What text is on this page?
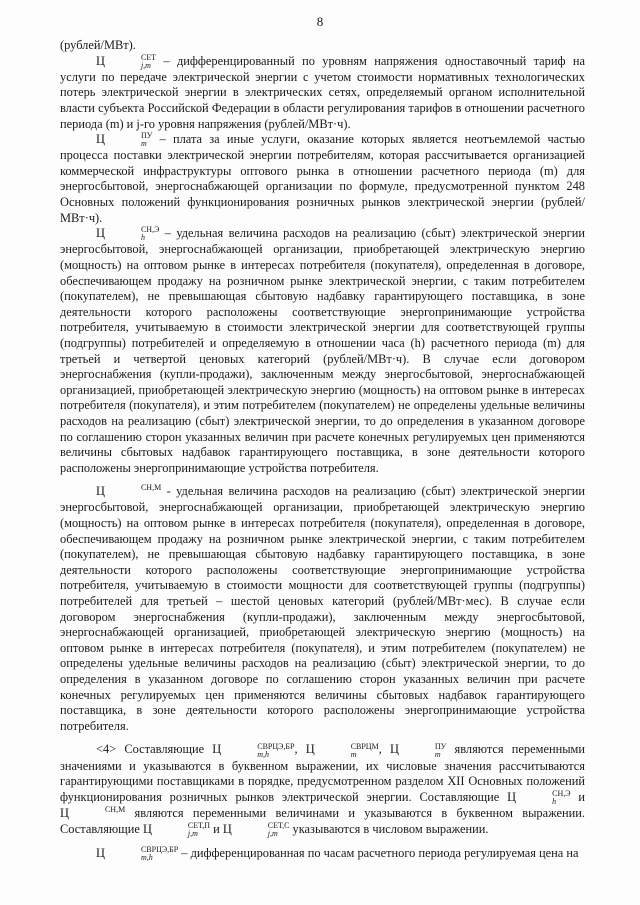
8

(рублей/МВт).

Ц	СЕТ
j,m – дифференцированный по уровням напряжения одноставочный тариф на услуги по передаче электрической энергии с учетом стоимости нормативных технологических потерь электрической энергии в электрических сетях, определяемый органом исполнительной власти субъекта Российской Федерации в области регулирования тарифов в отношении расчетного периода (m) и j-го уровня напряжения (рублей/МВт·ч).

Ц	ПУ
m – плата за иные услуги, оказание которых является неотъемлемой частью процесса поставки электрической энергии потребителям, которая рассчитывается организацией коммерческой инфраструктуры оптового рынка в отношении расчетного периода (m) для энергосбытовой, энергоснабжающей организации по формуле, предусмотренной пунктом 248 Основных положений функционирования розничных рынков электрической энергии (рублей/МВт·ч).

Ц	СН,Э
h	– удельная величина расходов на реализацию (сбыт) электрической энергии энергосбытовой, энергоснабжающей организации, приобретающей электрическую энергию (мощность) на оптовом рынке в интересах потребителя (покупателя), определенная в договоре, обеспечивающем продажу на розничном рынке электрической энергии, с таким потребителем (покупателем), не превышающая сбытовую надбавку гарантирующего поставщика, в зоне деятельности которого расположены соответствующие энергопринимающие устройства потребителя, учитываемую в стоимости электрической энергии для соответствующей группы (подгруппы) потребителей и определяемую в отношении часа (h) расчетного периода (m) для третьей и четвертой ценовых категорий (рублей/МВт·ч). В случае если договором энергоснабжения (купли-продажи), заключенным между энергосбытовой, энергоснабжающей организацией, приобретающей электрическую энергию (мощность) на оптовом рынке в интересах потребителя (покупателя), и этим потребителем (покупателем) не определены удельные величины расходов на реализацию (сбыт) электрической энергии, то до определения в указанном договоре по соглашению сторон указанных величин при расчете конечных регулируемых цен применяются величины сбытовых надбавок гарантирующего поставщика, в зоне деятельности которого расположены энергопринимающие устройства потребителя.

Ц	СН,М
- удельная величина расходов на реализацию (сбыт) электрической энергии энергосбытовой, энергоснабжающей организации, приобретающей электрическую энергию (мощность) на оптовом рынке в интересах потребителя (покупателя), определенная в договоре, обеспечивающем продажу на розничном рынке электрической энергии, с таким потребителем (покупателем), не превышающая сбытовую надбавку гарантирующего поставщика, в зоне деятельности которого расположены соответствующие энергопринимающие устройства потребителя, учитываемую в стоимости мощности для соответствующей группы (подгруппы) потребителей для третьей – шестой ценовых категорий (рублей/МВт·мес). В случае если договором энергоснабжения (купли-продажи), заключенным между энергосбытовой, энергоснабжающей организацией, приобретающей электрическую энергию (мощность) на оптовом рынке в интересах потребителя (покупателя), и этим потребителем (покупателем) не определены удельные величины расходов на реализацию (сбыт) электрической энергии, то до определения в указанном договоре по соглашению сторон указанных величин при расчете конечных регулируемых цен применяются величины сбытовых надбавок гарантирующего поставщика, в зоне деятельности которого расположены энергопринимающие устройства потребителя.

<4> Составляющие Ц	СВРЦЭ,БР
m,h	, Ц	СВРЦМ
m	, Ц	ПУ
m являются переменными значениями и указываются в буквенном выражении, их числовые значения рассчитываются гарантирующими поставщиками в порядке, предусмотренном разделом XII Основных положений функционирования розничных рынков электрической энергии. Составляющие Ц	СН,Э
h	и Ц	СН,М
являются переменными величинами и указываются в буквенном выражении. Составляющие Ц	СЕТ,П
j,m и Ц	СЕТ,С
j,m указываются в числовом выражении.

Ц	СВРЦЭ,БР
m,h	– дифференцированная по часам расчетного периода регулируемая цена на
